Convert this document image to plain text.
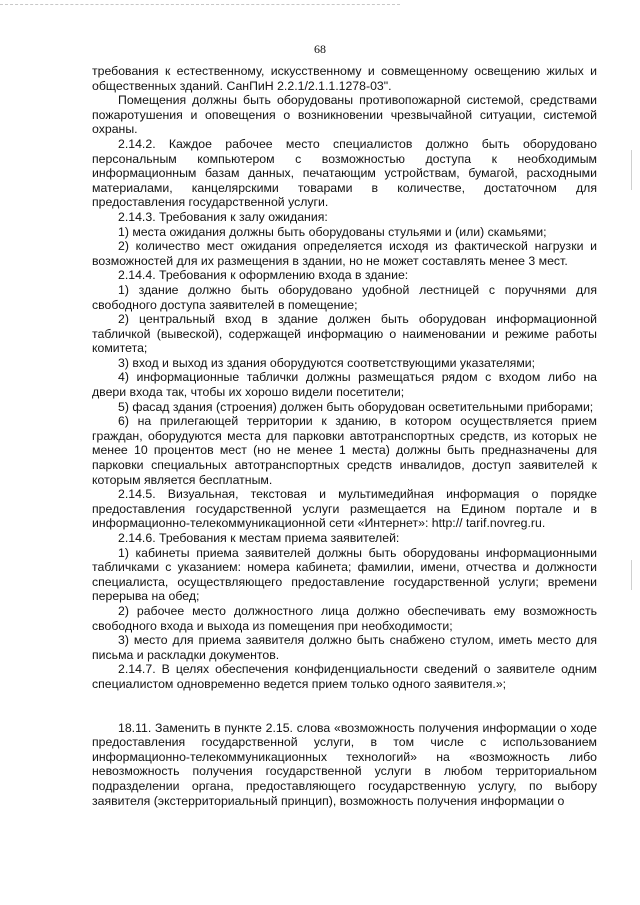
68

требования к естественному, искусственному и совмещенному освещению жилых и общественных зданий. СанПиН 2.2.1/2.1.1.1278-03".

Помещения должны быть оборудованы противопожарной системой, средствами пожаротушения и оповещения о возникновении чрезвычайной ситуации, системой охраны.

2.14.2. Каждое рабочее место специалистов должно быть оборудовано персональным компьютером с возможностью доступа к необходимым информационным базам данных, печатающим устройствам, бумагой, расходными материалами, канцелярскими товарами в количестве, достаточном для предоставления государственной услуги.

2.14.3. Требования к залу ожидания:

1) места ожидания должны быть оборудованы стульями и (или) скамьями;

2) количество мест ожидания определяется исходя из фактической нагрузки и возможностей для их размещения в здании, но не может составлять менее 3 мест.

2.14.4. Требования к оформлению входа в здание:

1) здание должно быть оборудовано удобной лестницей с поручнями для свободного доступа заявителей в помещение;

2) центральный вход в здание должен быть оборудован информационной табличкой (вывеской), содержащей информацию о наименовании и режиме работы комитета;

3) вход и выход из здания оборудуются соответствующими указателями;

4) информационные таблички должны размещаться рядом с входом либо на двери входа так, чтобы их хорошо видели посетители;

5) фасад здания (строения) должен быть оборудован осветительными приборами;

6) на прилегающей территории к зданию, в котором осуществляется прием граждан, оборудуются места для парковки автотранспортных средств, из которых не менее 10 процентов мест (но не менее 1 места) должны быть предназначены для парковки специальных автотранспортных средств инвалидов, доступ заявителей к которым является бесплатным.

2.14.5. Визуальная, текстовая и мультимедийная информация о порядке предоставления государственной услуги размещается на Едином портале и в информационно-телекоммуникационной сети «Интернет»: http:// tarif.novreg.ru.

2.14.6. Требования к местам приема заявителей:

1) кабинеты приема заявителей должны быть оборудованы информационными табличками с указанием: номера кабинета; фамилии, имени, отчества и должности специалиста, осуществляющего предоставление государственной услуги; времени перерыва на обед;

2) рабочее место должностного лица должно обеспечивать ему возможность свободного входа и выхода из помещения при необходимости;

3) место для приема заявителя должно быть снабжено стулом, иметь место для письма и раскладки документов.

2.14.7. В целях обеспечения конфиденциальности сведений о заявителе одним специалистом одновременно ведется прием только одного заявителя.»;

18.11. Заменить в пункте 2.15. слова «возможность получения информации о ходе предоставления государственной услуги, в том числе с использованием информационно-телекоммуникационных технологий» на «возможность либо невозможность получения государственной услуги в любом территориальном подразделении органа, предоставляющего государственную услугу, по выбору заявителя (экстерриториальный принцип), возможность получения информации о
